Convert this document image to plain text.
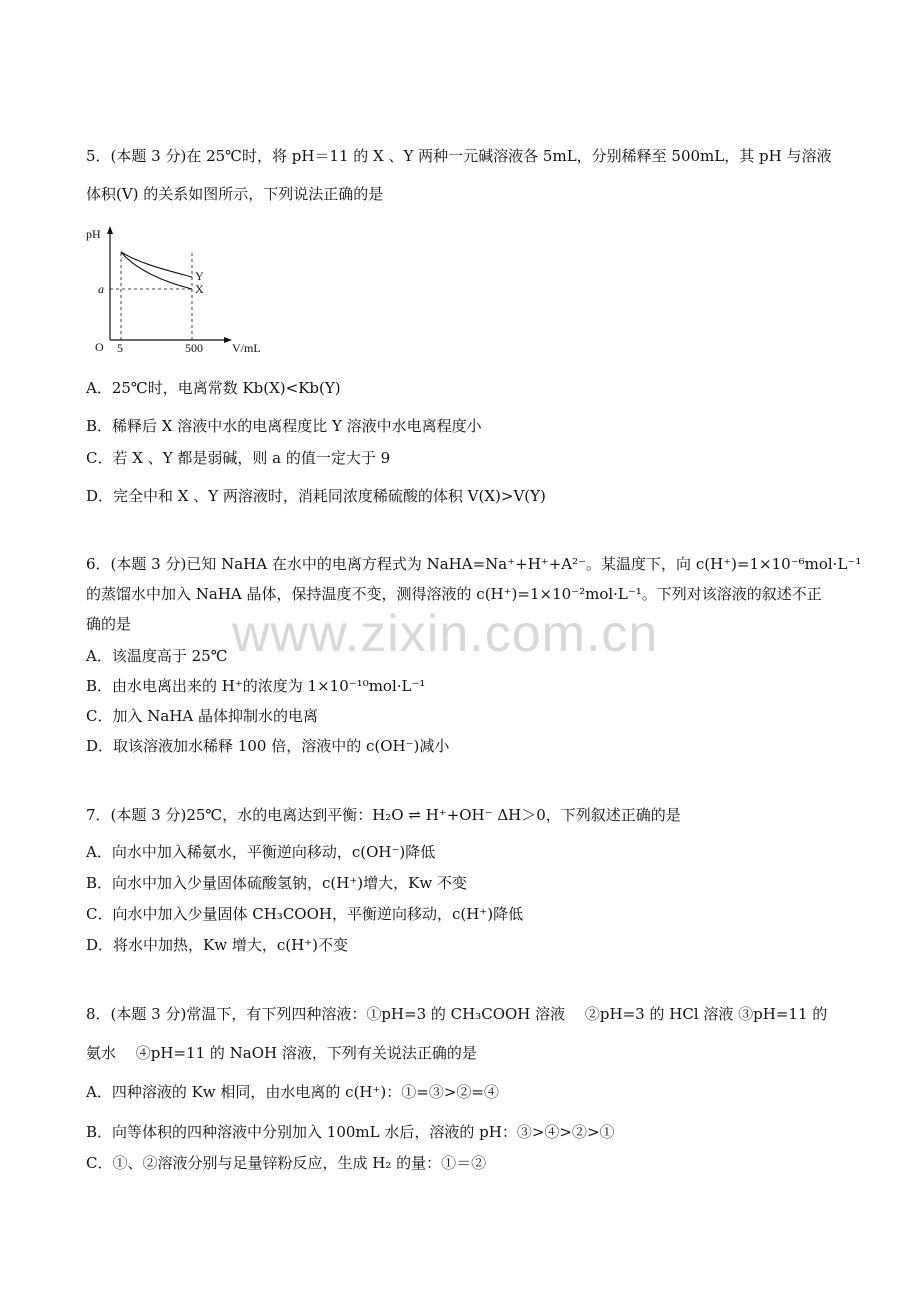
www.zixin.com.cn
5．(本题 3 分)在 25℃时，将 pH＝11 的 X 、Y 两种一元碱溶液各 5mL，分别稀释至 500mL，其 pH 与溶液
体积(V) 的关系如图所示，下列说法正确的是
pH
V/mL
O
a
5	500
Y
X
A．25℃时，电离常数 Kb(X)<Kb(Y)
B．稀释后 X 溶液中水的电离程度比 Y 溶液中水电离程度小
C．若 X 、Y 都是弱碱，则 a 的值一定大于 9
D．完全中和 X 、Y 两溶液时，消耗同浓度稀硫酸的体积 V(X)>V(Y)
6．(本题 3 分)已知 NaHA 在水中的电离方程式为 NaHA=Na⁺+H⁺+A²⁻。某温度下，向 c(H⁺)=1×10⁻⁶mol·L⁻¹
的蒸馏水中加入 NaHA 晶体，保持温度不变，测得溶液的 c(H⁺)=1×10⁻²mol·L⁻¹。下列对该溶液的叙述不正
确的是
A．该温度高于 25℃
B．由水电离出来的 H⁺的浓度为 1×10⁻¹⁰mol·L⁻¹
C．加入 NaHA 晶体抑制水的电离
D．取该溶液加水稀释 100 倍，溶液中的 c(OH⁻)减小
7．(本题 3 分)25℃，水的电离达到平衡：H₂O ⇌ H⁺+OH⁻ ΔH＞0，下列叙述正确的是
A．向水中加入稀氨水，平衡逆向移动，c(OH⁻)降低
B．向水中加入少量固体硫酸氢钠，c(H⁺)增大，Kw 不变
C．向水中加入少量固体 CH₃COOH，平衡逆向移动，c(H⁺)降低
D．将水中加热，Kw 增大，c(H⁺)不变
8．(本题 3 分)常温下，有下列四种溶液：①pH=3 的 CH₃COOH 溶液　 ②pH=3 的 HCl 溶液 ③pH=11 的
氨水　 ④pH=11 的 NaOH 溶液，下列有关说法正确的是
A．四种溶液的 Kw 相同，由水电离的 c(H⁺)：①=③>②=④
B．向等体积的四种溶液中分别加入 100mL 水后，溶液的 pH：③>④>②>①
C．①、②溶液分别与足量锌粉反应，生成 H₂ 的量：①＝②
